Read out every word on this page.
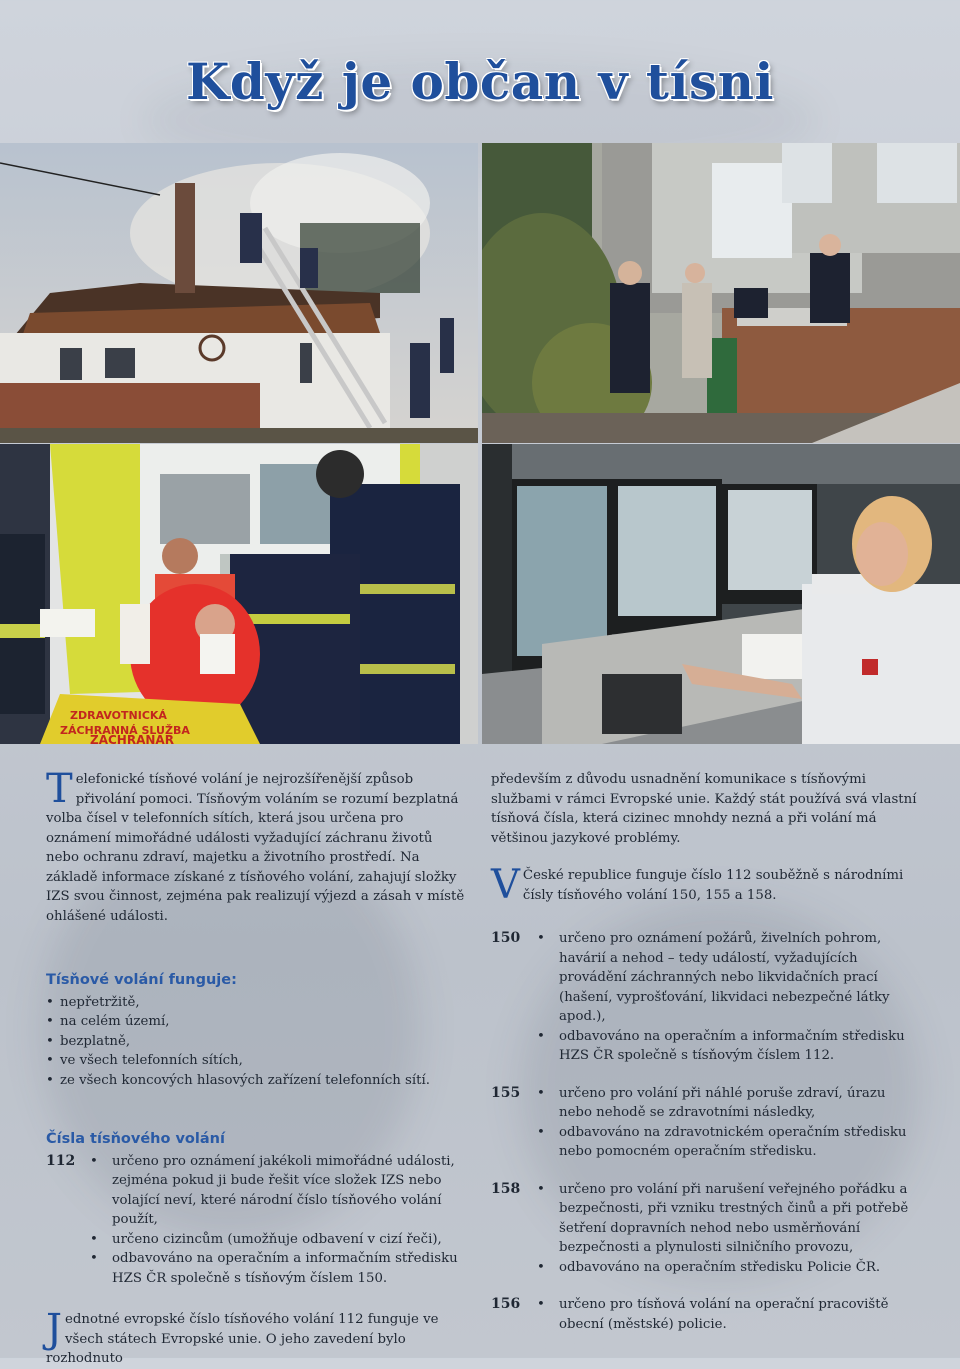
Když je občan v tísni
ZDRAVOTNICKÁ
ZÁCHRANNÁ SLUŽBA
ZÁCHRANÁŘ

Telefonické tísňové volání je nejrozšířenější způsob přivolání pomoci. Tísňovým voláním se rozumí bezplatná volba čísel v telefonních sítích, která jsou určena pro oznámení mimořádné události vyžadující záchranu životů nebo ochranu zdraví, majetku a životního prostředí. Na základě informace získané z tísňového volání, zahajují složky IZS svou činnost, zejména pak realizují výjezd a zásah v místě ohlášené události.

Tísňové volání funguje:
• nepřetržitě,
• na celém území,
• bezplatně,
• ve všech telefonních sítích,
• ze všech koncových hlasových zařízení telefonních sítí.
Čísla tísňového volání
112	• určeno pro oznámení jakékoli mimořádné události, zejména pokud ji bude řešit více složek IZS nebo volající neví, které národní číslo tísňového volání použít,
• určeno cizincům (umožňuje odbavení v cizí řeči),
• odbavováno na operačním a informačním středisku HZS ČR společně s tísňovým číslem 150.

Jednotné evropské číslo tísňového volání 112 funguje ve všech státech Evropské unie. O jeho zavedení bylo rozhodnuto

především z důvodu usnadnění komunikace s tísňovými službami v rámci Evropské unie. Každý stát používá svá vlastní tísňová čísla, která cizinec mnohdy nezná a při volání má většinou jazykové problémy.

V České republice funguje číslo 112 souběžně s národními čísly tísňového volání 150, 155 a 158.

150	• určeno pro oznámení požárů, živelních pohrom, havárií a nehod – tedy událostí, vyžadujících provádění záchranných nebo likvidačních prací (hašení, vyprošťování, likvidaci nebezpečné látky apod.),
• odbavováno na operačním a informačním středisku HZS ČR společně s tísňovým číslem 112.
155	• určeno pro volání při náhlé poruše zdraví, úrazu nebo nehodě se zdravotními následky,
• odbavováno na zdravotnickém operačním středisku nebo pomocném operačním středisku.
158	• určeno pro volání při narušení veřejného pořádku a bezpečnosti, při vzniku trestných činů a při potřebě šetření dopravních nehod nebo usměrňování bezpečnosti a plynulosti silničního provozu,
• odbavováno na operačním středisku Policie ČR.
156	• určeno pro tísňová volání na operační pracoviště obecní (městské) policie.
